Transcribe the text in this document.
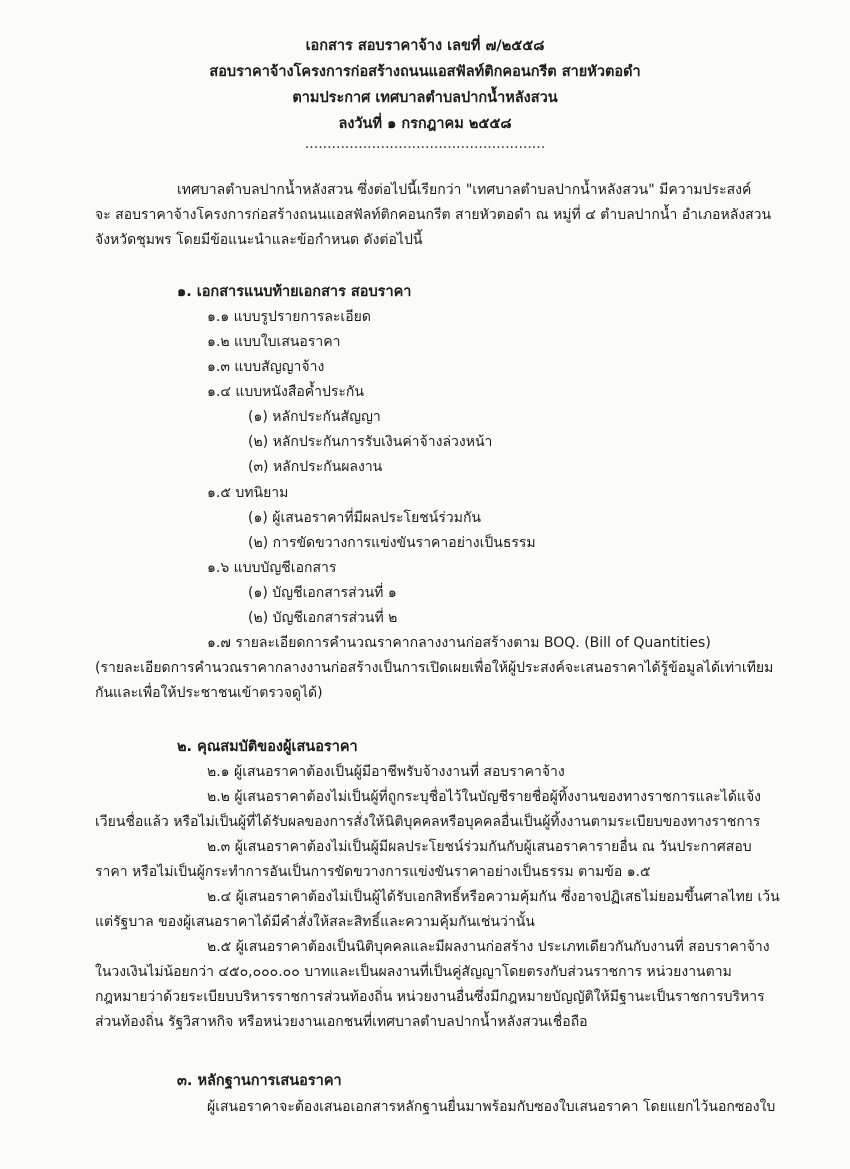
เอกสาร สอบราคาจ้าง เลขที่ ๗/๒๕๕๘
สอบราคาจ้างโครงการก่อสร้างถนนแอสฟัลท์ติกคอนกรีต สายหัวตอดำ
ตามประกาศ เทศบาลตำบลปากน้ำหลังสวน
ลงวันที่ ๑ กรกฎาคม ๒๕๕๘
......................................................
เทศบาลตำบลปากน้ำหลังสวน ซึ่งต่อไปนี้เรียกว่า "เทศบาลตำบลปากน้ำหลังสวน" มีความประสงค์
จะ สอบราคาจ้างโครงการก่อสร้างถนนแอสฟัลท์ติกคอนกรีต สายหัวตอดำ ณ หมู่ที่ ๔ ตำบลปากน้ำ อำเภอหลังสวน
จังหวัดชุมพร โดยมีข้อแนะนำและข้อกำหนด ดังต่อไปนี้
๑. เอกสารแนบท้ายเอกสาร สอบราคา
๑.๑ แบบรูปรายการละเอียด
๑.๒ แบบใบเสนอราคา
๑.๓ แบบสัญญาจ้าง
๑.๔ แบบหนังสือค้ำประกัน
(๑) หลักประกันสัญญา
(๒) หลักประกันการรับเงินค่าจ้างล่วงหน้า
(๓) หลักประกันผลงาน
๑.๕ บทนิยาม
(๑) ผู้เสนอราคาที่มีผลประโยชน์ร่วมกัน
(๒) การขัดขวางการแข่งขันราคาอย่างเป็นธรรม
๑.๖ แบบบัญชีเอกสาร
(๑) บัญชีเอกสารส่วนที่ ๑
(๒) บัญชีเอกสารส่วนที่ ๒
๑.๗ รายละเอียดการคำนวณราคากลางงานก่อสร้างตาม BOQ. (Bill of Quantities)
(รายละเอียดการคำนวณราคากลางงานก่อสร้างเป็นการเปิดเผยเพื่อให้ผู้ประสงค์จะเสนอราคาได้รู้ข้อมูลได้เท่าเทียม
กันและเพื่อให้ประชาชนเข้าตรวจดูได้)
๒. คุณสมบัติของผู้เสนอราคา
๒.๑ ผู้เสนอราคาต้องเป็นผู้มีอาชีพรับจ้างงานที่ สอบราคาจ้าง
๒.๒ ผู้เสนอราคาต้องไม่เป็นผู้ที่ถูกระบุชื่อไว้ในบัญชีรายชื่อผู้ทิ้งงานของทางราชการและได้แจ้ง
เวียนชื่อแล้ว หรือไม่เป็นผู้ที่ได้รับผลของการสั่งให้นิติบุคคลหรือบุคคลอื่นเป็นผู้ทิ้งงานตามระเบียบของทางราชการ
๒.๓ ผู้เสนอราคาต้องไม่เป็นผู้มีผลประโยชน์ร่วมกันกับผู้เสนอราคารายอื่น ณ วันประกาศสอบ
ราคา หรือไม่เป็นผู้กระทำการอันเป็นการขัดขวางการแข่งขันราคาอย่างเป็นธรรม ตามข้อ ๑.๕
๒.๔ ผู้เสนอราคาต้องไม่เป็นผู้ได้รับเอกสิทธิ์หรือความคุ้มกัน ซึ่งอาจปฏิเสธไม่ยอมขึ้นศาลไทย เว้น
แต่รัฐบาล ของผู้เสนอราคาได้มีคำสั่งให้สละสิทธิ์และความคุ้มกันเช่นว่านั้น
๒.๕ ผู้เสนอราคาต้องเป็นนิติบุคคลและมีผลงานก่อสร้าง ประเภทเดียวกันกับงานที่ สอบราคาจ้าง
ในวงเงินไม่น้อยกว่า ๔๕๐,๐๐๐.๐๐ บาทและเป็นผลงานที่เป็นคู่สัญญาโดยตรงกับส่วนราชการ หน่วยงานตาม
กฎหมายว่าด้วยระเบียบบริหารราชการส่วนท้องถิ่น หน่วยงานอื่นซึ่งมีกฎหมายบัญญัติให้มีฐานะเป็นราชการบริหาร
ส่วนท้องถิ่น รัฐวิสาหกิจ หรือหน่วยงานเอกชนที่เทศบาลตำบลปากน้ำหลังสวนเชื่อถือ
๓. หลักฐานการเสนอราคา
ผู้เสนอราคาจะต้องเสนอเอกสารหลักฐานยื่นมาพร้อมกับซองใบเสนอราคา โดยแยกไว้นอกซองใบ
